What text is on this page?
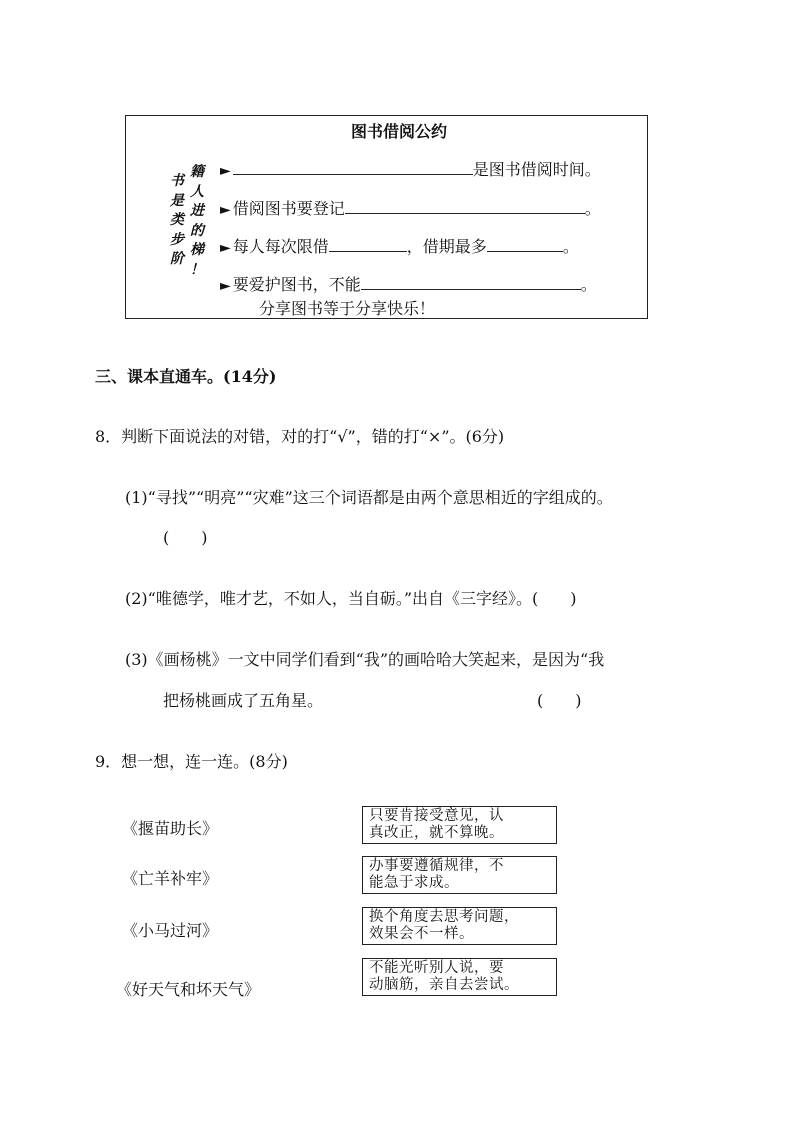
图书借阅公约
书
是
类
步
阶
籍
人
进
的
梯
！
►	是图书借阅时间。
► 借阅图书要登记	。
► 每人每次限借	，借期最多	。
► 要爱护图书，不能	。
分享图书等于分享快乐！
三、课本直通车。(14分)
8．判断下面说法的对错，对的打“√”，错的打“×”。(6分)
(1)“寻找”“明亮”“灾难”这三个词语都是由两个意思相近的字组成的。
(　　)
(2)“唯德学，唯才艺，不如人，当自砺。”出自《三字经》。(　　)
(3)《画杨桃》一文中同学们看到“我”的画哈哈大笑起来，是因为“我
把杨桃画成了五角星。	(　　)
9．想一想，连一连。(8分)
《揠苗助长》
《亡羊补牢》
《小马过河》
《好天气和坏天气》
只要肯接受意见，认
真改正，就不算晚。
办事要遵循规律，不
能急于求成。
换个角度去思考问题，
效果会不一样。
不能光听别人说，要
动脑筋，亲自去尝试。
